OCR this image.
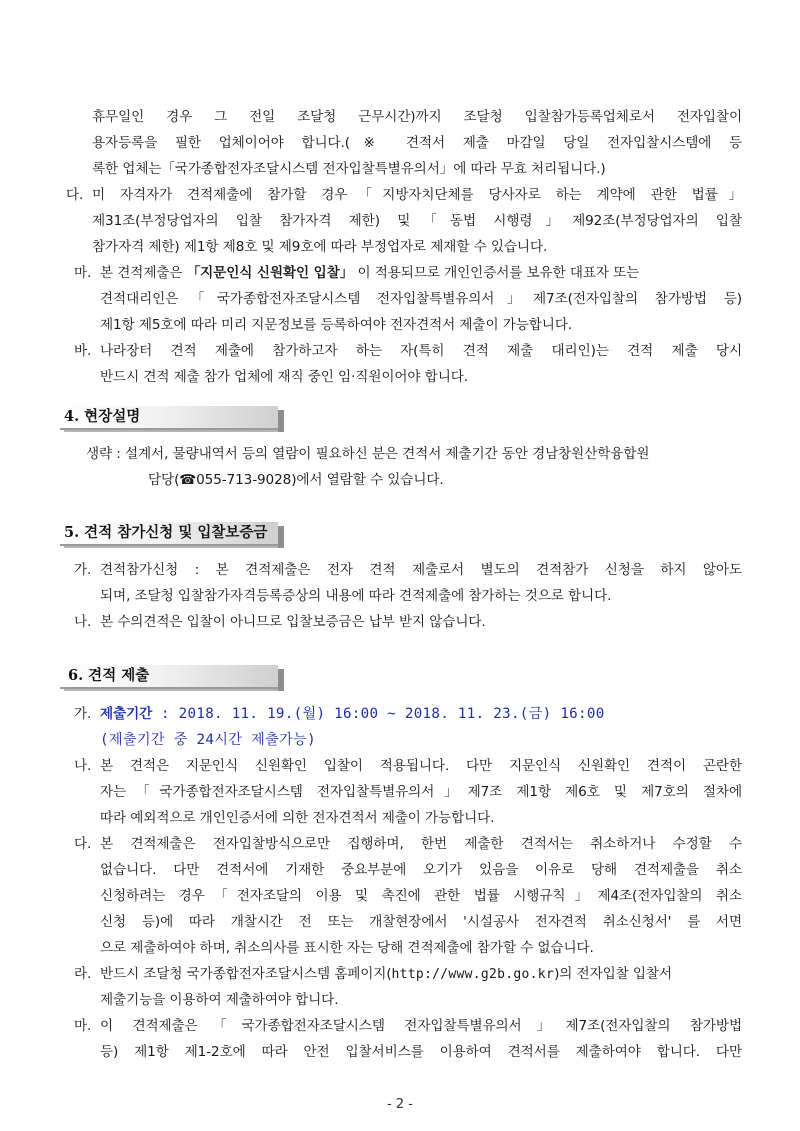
휴무일인 경우 그 전일 조달청 근무시간)까지 조달청 입찰참가등록업체로서 전자입찰이
용자등록을 필한 업체이어야 합니다.(※ 견적서 제출 마감일 당일 전자입찰시스템에 등
록한 업체는「국가종합전자조달시스템 전자입찰특별유의서」에 따라 무효 처리됩니다.)
다. 미 자격자가 견적제출에 참가할 경우「지방자치단체를 당사자로 하는 계약에 관한 법률」
제31조(부정당업자의 입찰 참가자격 제한) 및「동법 시행령」제92조(부정당업자의 입찰
참가자격 제한) 제1항 제8호 및 제9호에 따라 부정업자로 제재할 수 있습니다.
마. 본 견적제출은 「지문인식 신원확인 입찰」 이 적용되므로 개인인증서를 보유한 대표자 또는
견적대리인은「국가종합전자조달시스템 전자입찰특별유의서」제7조(전자입찰의 참가방법 등)
제1항 제5호에 따라 미리 지문정보를 등록하여야 전자견적서 제출이 가능합니다.
바. 나라장터 견적 제출에 참가하고자 하는 자(특히 견적 제출 대리인)는 견적 제출 당시
반드시 견적 제출 참가 업체에 재직 중인 임·직원이어야 합니다.
4. 현장설명
생략 : 설계서, 물량내역서 등의 열람이 필요하신 분은 견적서 제출기간 동안 경남창원산학융합원
담당(☎055-713-9028)에서 열람할 수 있습니다.
5. 견적 참가신청 및 입찰보증금
가. 견적참가신청 : 본 견적제출은 전자 견적 제출로서 별도의 견적참가 신청을 하지 않아도
되며, 조달청 입찰참가자격등록증상의 내용에 따라 견적제출에 참가하는 것으로 합니다.
나. 본 수의견적은 입찰이 아니므로 입찰보증금은 납부 받지 않습니다.
6. 견적 제출
가. 제출기간 : 2018. 11. 19.(월) 16:00 ~ 2018. 11. 23.(금) 16:00
(제출기간 중 24시간 제출가능)
나. 본 견적은 지문인식 신원확인 입찰이 적용됩니다. 다만 지문인식 신원확인 견적이 곤란한
자는「국가종합전자조달시스템 전자입찰특별유의서」제7조 제1항 제6호 및 제7호의 절차에
따라 예외적으로 개인인증서에 의한 전자견적서 제출이 가능합니다.
다. 본 견적제출은 전자입찰방식으로만 집행하며, 한번 제출한 견적서는 취소하거나 수정할 수
없습니다. 다만 견적서에 기재한 중요부분에 오기가 있음을 이유로 당해 견적제출을 취소
신청하려는 경우「전자조달의 이용 및 촉진에 관한 법률 시행규칙」제4조(전자입찰의 취소
신청 등)에 따라 개찰시간 전 또는 개찰현장에서 '시설공사 전자견적 취소신청서' 를 서면
으로 제출하여야 하며, 취소의사를 표시한 자는 당해 견적제출에 참가할 수 없습니다.
라. 반드시 조달청 국가종합전자조달시스템 홈페이지(http://www.g2b.go.kr)의 전자입찰 입찰서
제출기능을 이용하여 제출하여야 합니다.
마. 이 견적제출은「국가종합전자조달시스템 전자입찰특별유의서」제7조(전자입찰의 참가방법
등) 제1항 제1-2호에 따라 안전 입찰서비스를 이용하여 견적서를 제출하여야 합니다. 다만
- 2 -
